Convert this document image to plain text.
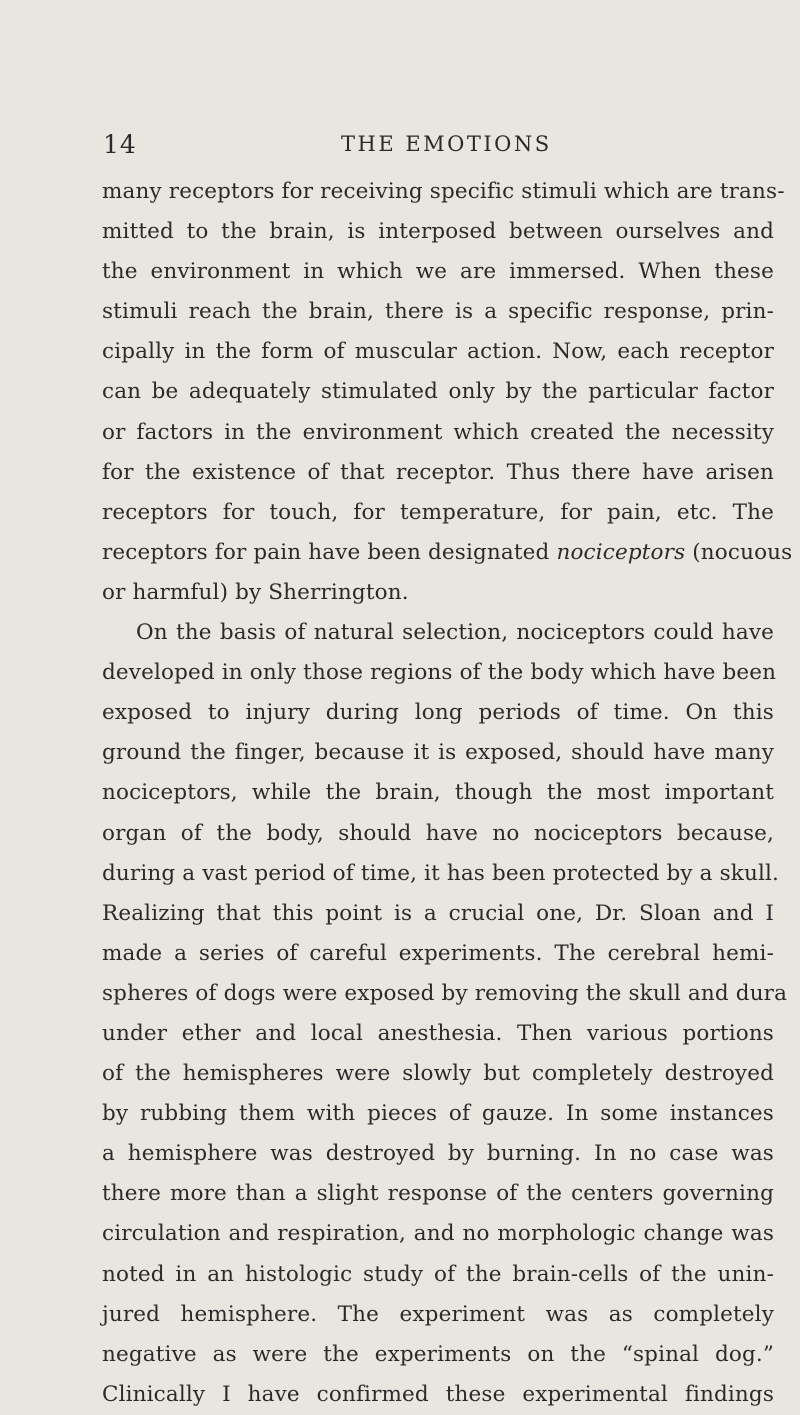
14	THE EMOTIONS
many receptors for receiving specific stimuli which are trans-
mitted to the brain, is interposed between ourselves and
the environment in which we are immersed. When these
stimuli reach the brain, there is a specific response, prin-
cipally in the form of muscular action. Now, each receptor
can be adequately stimulated only by the particular factor
or factors in the environment which created the necessity
for the existence of that receptor. Thus there have arisen
receptors for touch, for temperature, for pain, etc. The
receptors for pain have been designated nociceptors (nocuous
or harmful) by Sherrington.
On the basis of natural selection, nociceptors could have
developed in only those regions of the body which have been
exposed to injury during long periods of time. On this
ground the finger, because it is exposed, should have many
nociceptors, while the brain, though the most important
organ of the body, should have no nociceptors because,
during a vast period of time, it has been protected by a skull.
Realizing that this point is a crucial one, Dr. Sloan and I
made a series of careful experiments. The cerebral hemi-
spheres of dogs were exposed by removing the skull and dura
under ether and local anesthesia. Then various portions
of the hemispheres were slowly but completely destroyed
by rubbing them with pieces of gauze. In some instances
a hemisphere was destroyed by burning. In no case was
there more than a slight response of the centers governing
circulation and respiration, and no morphologic change was
noted in an histologic study of the brain-cells of the unin-
jured hemisphere. The experiment was as completely
negative as were the experiments on the “spinal dog.”
Clinically I have confirmed these experimental findings
